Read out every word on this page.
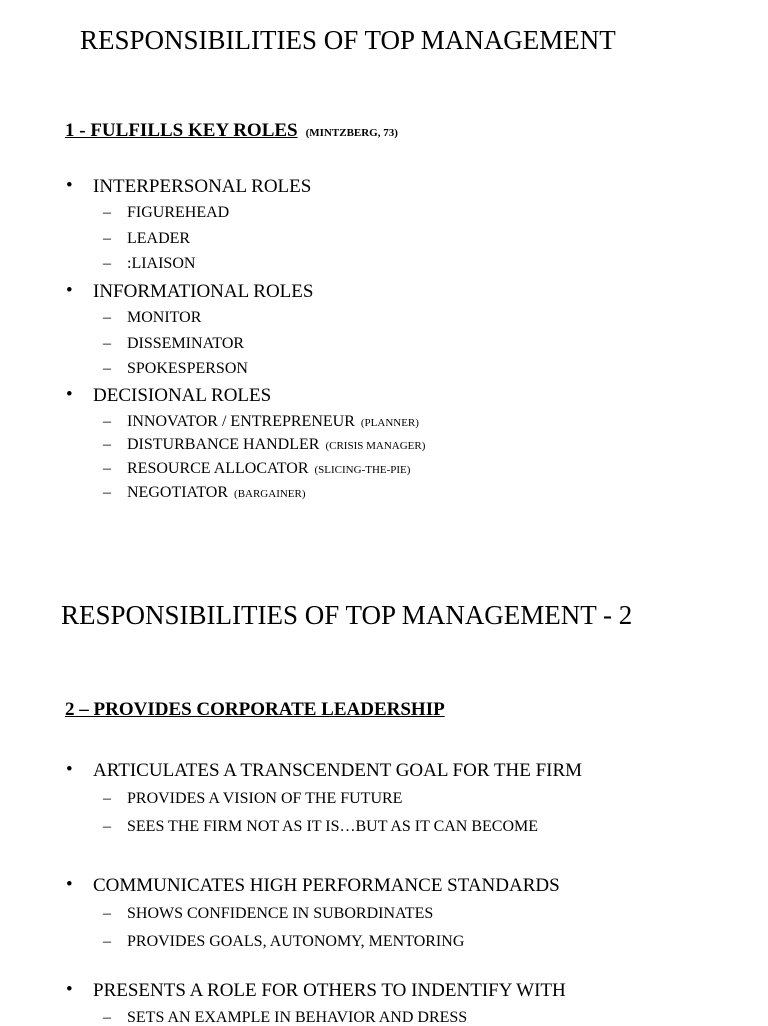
RESPONSIBILITIES OF TOP MANAGEMENT
1 - FULFILLS KEY ROLES (MINTZBERG, 73)
• INTERPERSONAL ROLES
– FIGUREHEAD
– LEADER
– :LIAISON
• INFORMATIONAL ROLES
– MONITOR
– DISSEMINATOR
– SPOKESPERSON
• DECISIONAL ROLES
– INNOVATOR / ENTREPRENEUR (PLANNER)
– DISTURBANCE HANDLER (CRISIS MANAGER)
– RESOURCE ALLOCATOR (SLICING-THE-PIE)
– NEGOTIATOR (BARGAINER)
RESPONSIBILITIES OF TOP MANAGEMENT - 2
2 – PROVIDES CORPORATE LEADERSHIP
• ARTICULATES A TRANSCENDENT GOAL FOR THE FIRM
– PROVIDES A VISION OF THE FUTURE
– SEES THE FIRM NOT AS IT IS…BUT AS IT CAN BECOME
• COMMUNICATES HIGH PERFORMANCE STANDARDS
– SHOWS CONFIDENCE IN SUBORDINATES
– PROVIDES GOALS, AUTONOMY, MENTORING
• PRESENTS A ROLE FOR OTHERS TO INDENTIFY WITH
– SETS AN EXAMPLE IN BEHAVIOR AND DRESS
